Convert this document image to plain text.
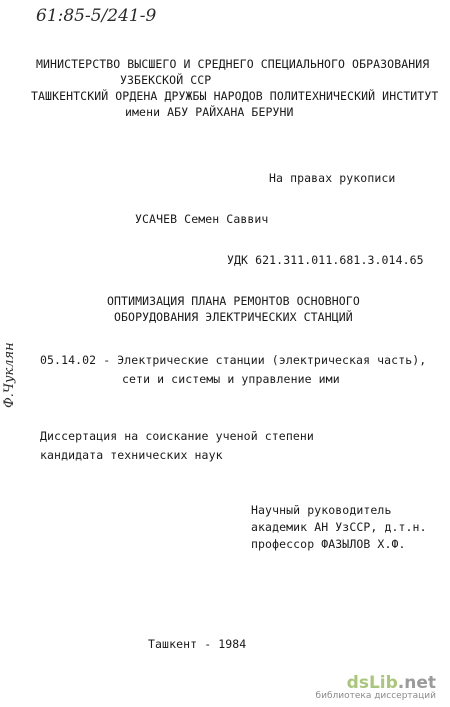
61:85-5/241-9
МИНИСТЕРСТВО ВЫСШЕГО И СРЕДНЕГО СПЕЦИАЛЬНОГО ОБРАЗОВАНИЯ
УЗБЕКСКОЙ ССР
ТАШКЕНТСКИЙ ОРДЕНА ДРУЖБЫ НАРОДОВ ПОЛИТЕХНИЧЕСКИЙ ИНСТИТУТ
имени АБУ РАЙХАНА БЕРУНИ
На правах рукописи
УСАЧЕВ Семен Саввич
УДК 621.311.011.681.3.014.65
ОПТИМИЗАЦИЯ ПЛАНА РЕМОНТОВ ОСНОВНОГО
ОБОРУДОВАНИЯ ЭЛЕКТРИЧЕСКИХ СТАНЦИЙ
05.14.02 - Электрические станции (электрическая часть),
сети и системы и управление ими
Ф.Чуклян
Диссертация на соискание ученой степени
кандидата технических наук
Научный руководитель
академик АН УзССР, д.т.н.
профессор ФАЗЫЛОВ Х.Ф.
Ташкент - 1984
dsLib.net
библиотека диссертаций
